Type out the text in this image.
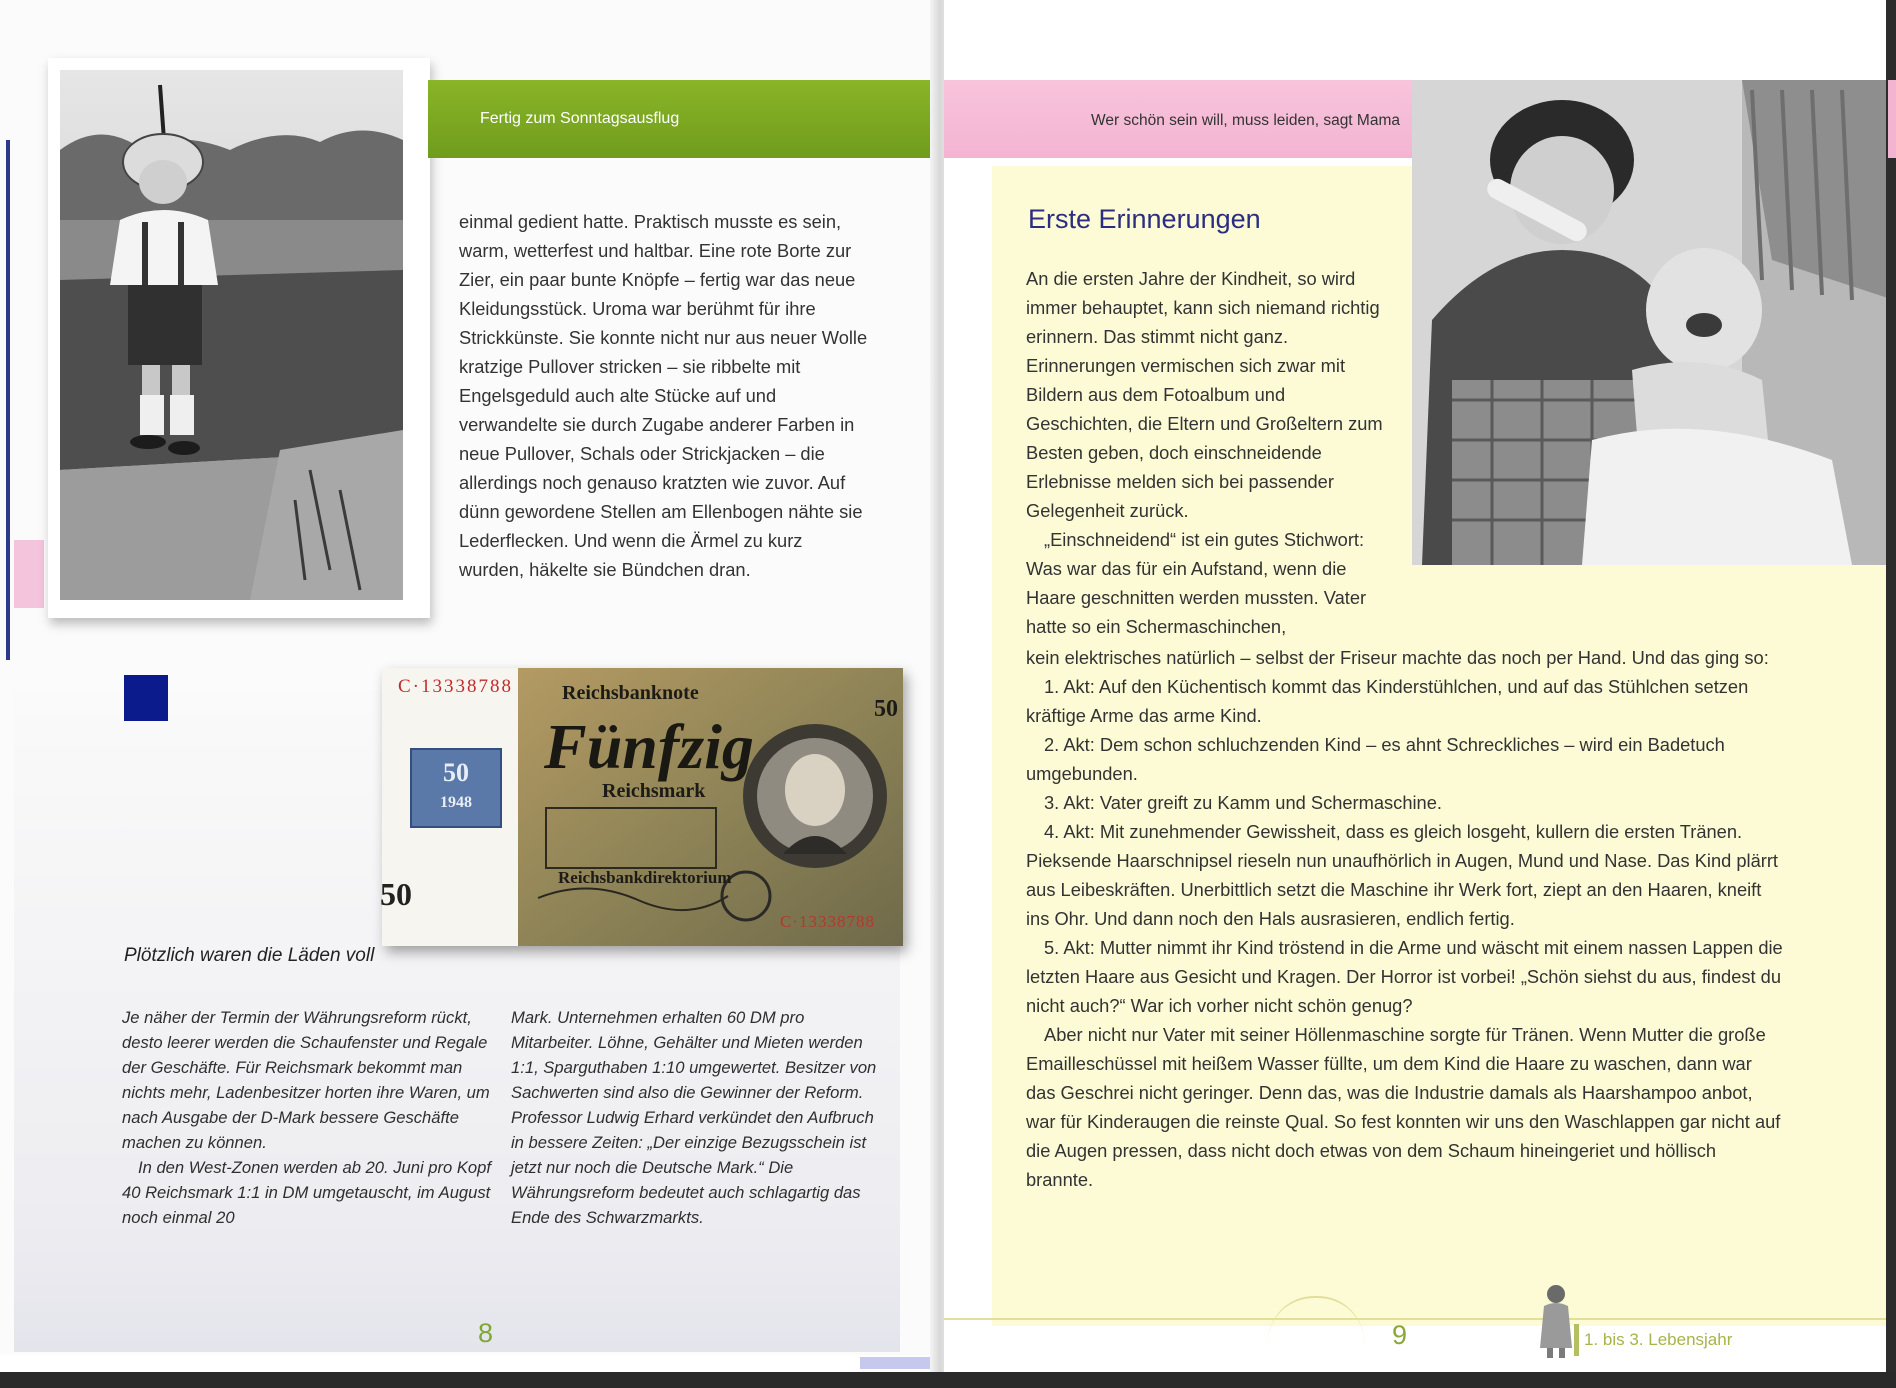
Fertig zum Sonntagsausflug
einmal gedient hatte. Praktisch musste es sein, warm, wetterfest und haltbar. Eine rote Borte zur Zier, ein paar bunte Knöpfe – fertig war das neue Kleidungsstück. Uroma war berühmt für ihre Strickkünste. Sie konnte nicht nur aus neuer Wolle kratzige Pullover stricken – sie ribbelte mit Engelsgeduld auch alte Stücke auf und verwandelte sie durch Zugabe anderer Farben in neue Pullover, Schals oder Strickjacken – die allerdings noch genauso kratzten wie zuvor. Auf dünn gewordene Stellen am Ellenbogen nähte sie Lederflecken. Und wenn die Ärmel zu kurz wurden, häkelte sie Bündchen dran.
C·13338788
50
1948
50
Reichsbanknote
Fünfzig
Reichsmark
Reichsbankdirektorium
50
C·13338788
Plötzlich waren die Läden voll

Je näher der Termin der Währungsreform rückt, desto leerer werden die Schaufenster und Regale der Geschäfte. Für Reichsmark bekommt man nichts mehr, Ladenbesitzer horten ihre Waren, um nach Ausgabe der D-Mark bessere Geschäfte machen zu können.

In den West-Zonen werden ab 20. Juni pro Kopf 40 Reichsmark 1:1 in DM umgetauscht, im August noch einmal 20

Mark. Unternehmen erhalten 60 DM pro Mitarbeiter. Löhne, Gehälter und Mieten werden 1:1, Sparguthaben 1:10 umgewertet. Besitzer von Sachwerten sind also die Gewinner der Reform. Professor Ludwig Erhard verkündet den Aufbruch in bessere Zeiten: „Der einzige Bezugsschein ist jetzt nur noch die Deutsche Mark.“ Die Währungsreform bedeutet auch schlagartig das Ende des Schwarzmarkts.

8
Wer schön sein will, muss leiden, sagt Mama
Erste Erinnerungen

An die ersten Jahre der Kindheit, so wird immer behauptet, kann sich niemand richtig erinnern. Das stimmt nicht ganz. Erinnerungen vermischen sich zwar mit Bildern aus dem Fotoalbum und Geschichten, die Eltern und Großeltern zum Besten geben, doch einschneidende Erlebnisse melden sich bei passender Gelegenheit zurück.

„Einschneidend“ ist ein gutes Stichwort: Was war das für ein Aufstand, wenn die Haare geschnitten werden mussten. Vater hatte so ein Schermaschinchen,

kein elektrisches natürlich – selbst der Friseur machte das noch per Hand. Und das ging so:

1. Akt: Auf den Küchentisch kommt das Kinderstühlchen, und auf das Stühlchen setzen kräftige Arme das arme Kind.

2. Akt: Dem schon schluchzenden Kind – es ahnt Schreckliches – wird ein Badetuch umgebunden.

3. Akt: Vater greift zu Kamm und Schermaschine.

4. Akt: Mit zunehmender Gewissheit, dass es gleich losgeht, kullern die ersten Tränen. Pieksende Haarschnipsel rieseln nun unaufhörlich in Augen, Mund und Nase. Das Kind plärrt aus Leibeskräften. Unerbittlich setzt die Maschine ihr Werk fort, ziept an den Haaren, kneift ins Ohr. Und dann noch den Hals ausrasieren, endlich fertig.

5. Akt: Mutter nimmt ihr Kind tröstend in die Arme und wäscht mit einem nassen Lappen die letzten Haare aus Gesicht und Kragen. Der Horror ist vorbei! „Schön siehst du aus, findest du nicht auch?“ War ich vorher nicht schön genug?

Aber nicht nur Vater mit seiner Höllenmaschine sorgte für Tränen. Wenn Mutter die große Emailleschüssel mit heißem Wasser füllte, um dem Kind die Haare zu waschen, dann war das Geschrei nicht geringer. Denn das, was die Industrie damals als Haarshampoo anbot, war für Kinderaugen die reinste Qual. So fest konnten wir uns den Waschlappen gar nicht auf die Augen pressen, dass nicht doch etwas von dem Schaum hineingeriet und höllisch brannte.

9	1. bis 3. Lebensjahr
